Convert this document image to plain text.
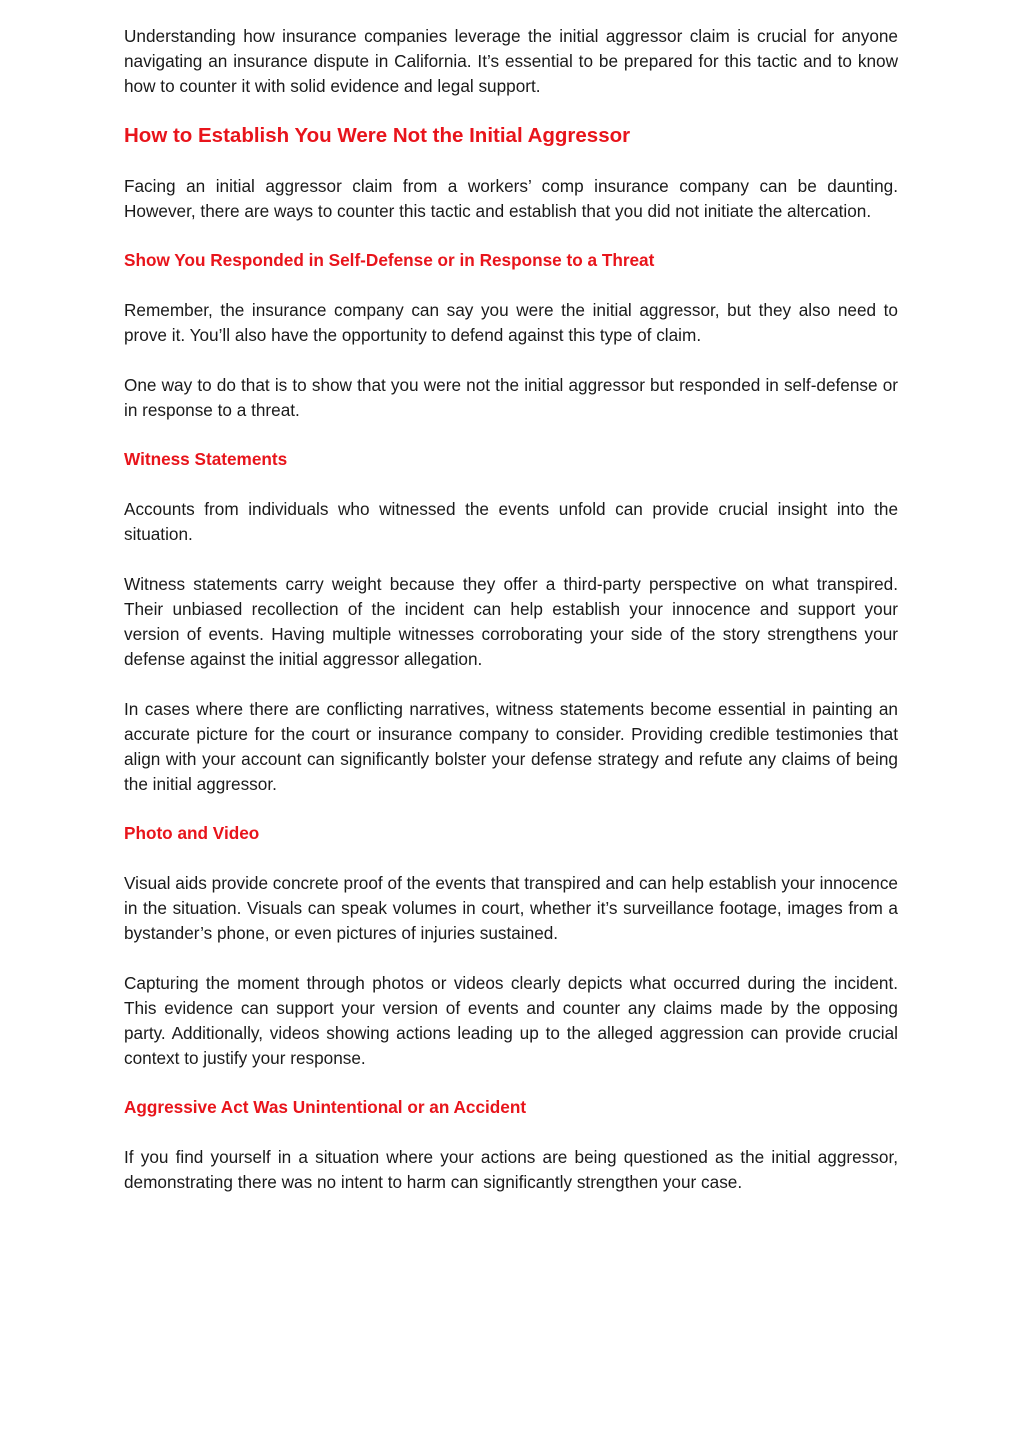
Understanding how insurance companies leverage the initial aggressor claim is crucial for anyone navigating an insurance dispute in California. It’s essential to be prepared for this tactic and to know how to counter it with solid evidence and legal support.

How to Establish You Were Not the Initial Aggressor

Facing an initial aggressor claim from a workers’ comp insurance company can be daunting. However, there are ways to counter this tactic and establish that you did not initiate the altercation.

Show You Responded in Self-Defense or in Response to a Threat

Remember, the insurance company can say you were the initial aggressor, but they also need to prove it. You’ll also have the opportunity to defend against this type of claim.

One way to do that is to show that you were not the initial aggressor but responded in self-defense or in response to a threat.

Witness Statements

Accounts from individuals who witnessed the events unfold can provide crucial insight into the situation.

Witness statements carry weight because they offer a third-party perspective on what transpired. Their unbiased recollection of the incident can help establish your innocence and support your version of events. Having multiple witnesses corroborating your side of the story strengthens your defense against the initial aggressor allegation.

In cases where there are conflicting narratives, witness statements become essential in painting an accurate picture for the court or insurance company to consider. Providing credible testimonies that align with your account can significantly bolster your defense strategy and refute any claims of being the initial aggressor.

Photo and Video

Visual aids provide concrete proof of the events that transpired and can help establish your innocence in the situation. Visuals can speak volumes in court, whether it’s surveillance footage, images from a bystander’s phone, or even pictures of injuries sustained.

Capturing the moment through photos or videos clearly depicts what occurred during the incident. This evidence can support your version of events and counter any claims made by the opposing party. Additionally, videos showing actions leading up to the alleged aggression can provide crucial context to justify your response.

Aggressive Act Was Unintentional or an Accident

If you find yourself in a situation where your actions are being questioned as the initial aggressor, demonstrating there was no intent to harm can significantly strengthen your case.
